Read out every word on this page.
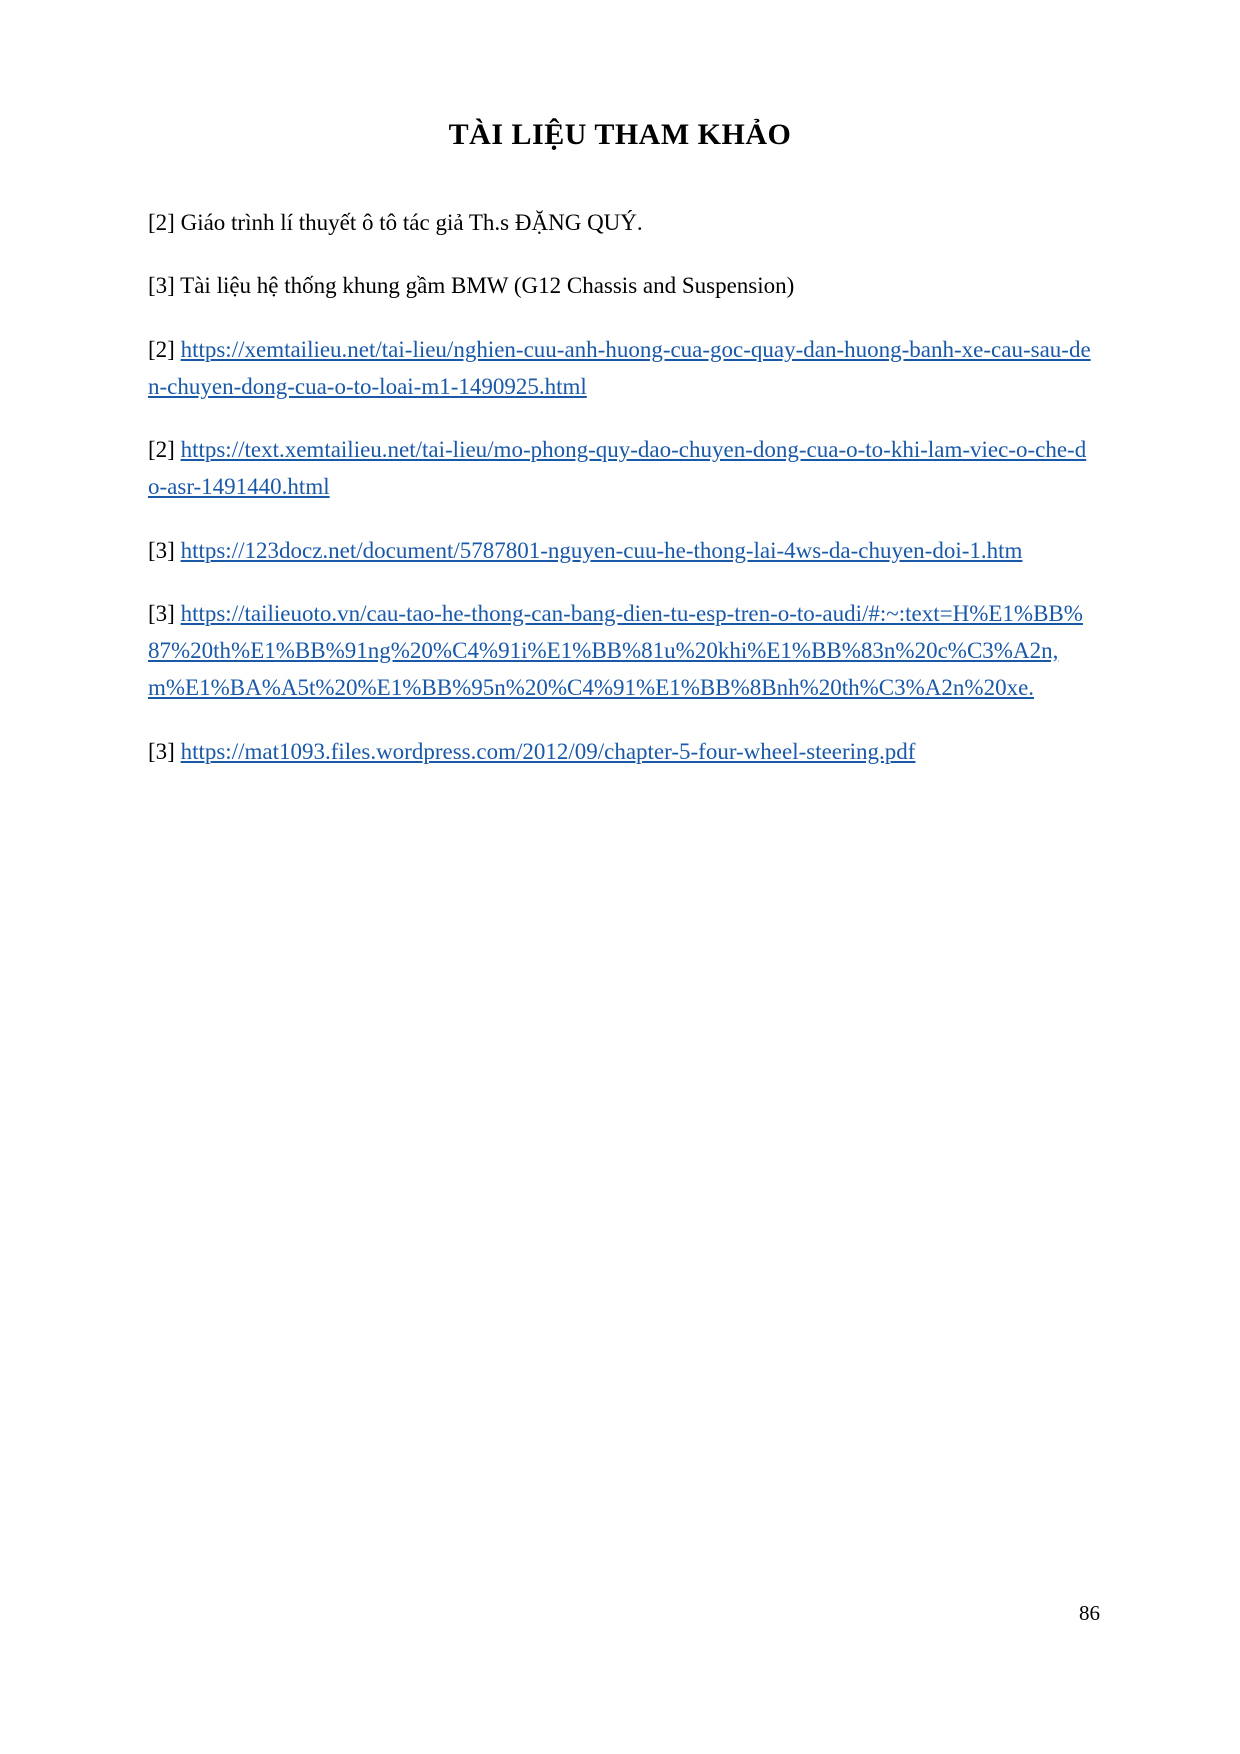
TÀI LIỆU THAM KHẢO

[2] Giáo trình lí thuyết ô tô tác giả Th.s ĐẶNG QUÝ.

[3] Tài liệu hệ thống khung gầm BMW (G12 Chassis and Suspension)

[2] https://xemtailieu.net/tai-lieu/nghien-cuu-anh-huong-cua-goc-quay-dan-huong-banh-xe-cau-sau-den-chuyen-dong-cua-o-to-loai-m1-1490925.html

[2] https://text.xemtailieu.net/tai-lieu/mo-phong-quy-dao-chuyen-dong-cua-o-to-khi-lam-viec-o-che-do-asr-1491440.html

[3] https://123docz.net/document/5787801-nguyen-cuu-he-thong-lai-4ws-da-chuyen-doi-1.htm

[3] https://tailieuoto.vn/cau-tao-he-thong-can-bang-dien-tu-esp-tren-o-to-audi/#:~:text=H%E1%BB%87%20th%E1%BB%91ng%20%C4%91i%E1%BB%81u%20khi%E1%BB%83n%20c%C3%A2n,m%E1%BA%A5t%20%E1%BB%95n%20%C4%91%E1%BB%8Bnh%20th%C3%A2n%20xe.

[3] https://mat1093.files.wordpress.com/2012/09/chapter-5-four-wheel-steering.pdf

86
